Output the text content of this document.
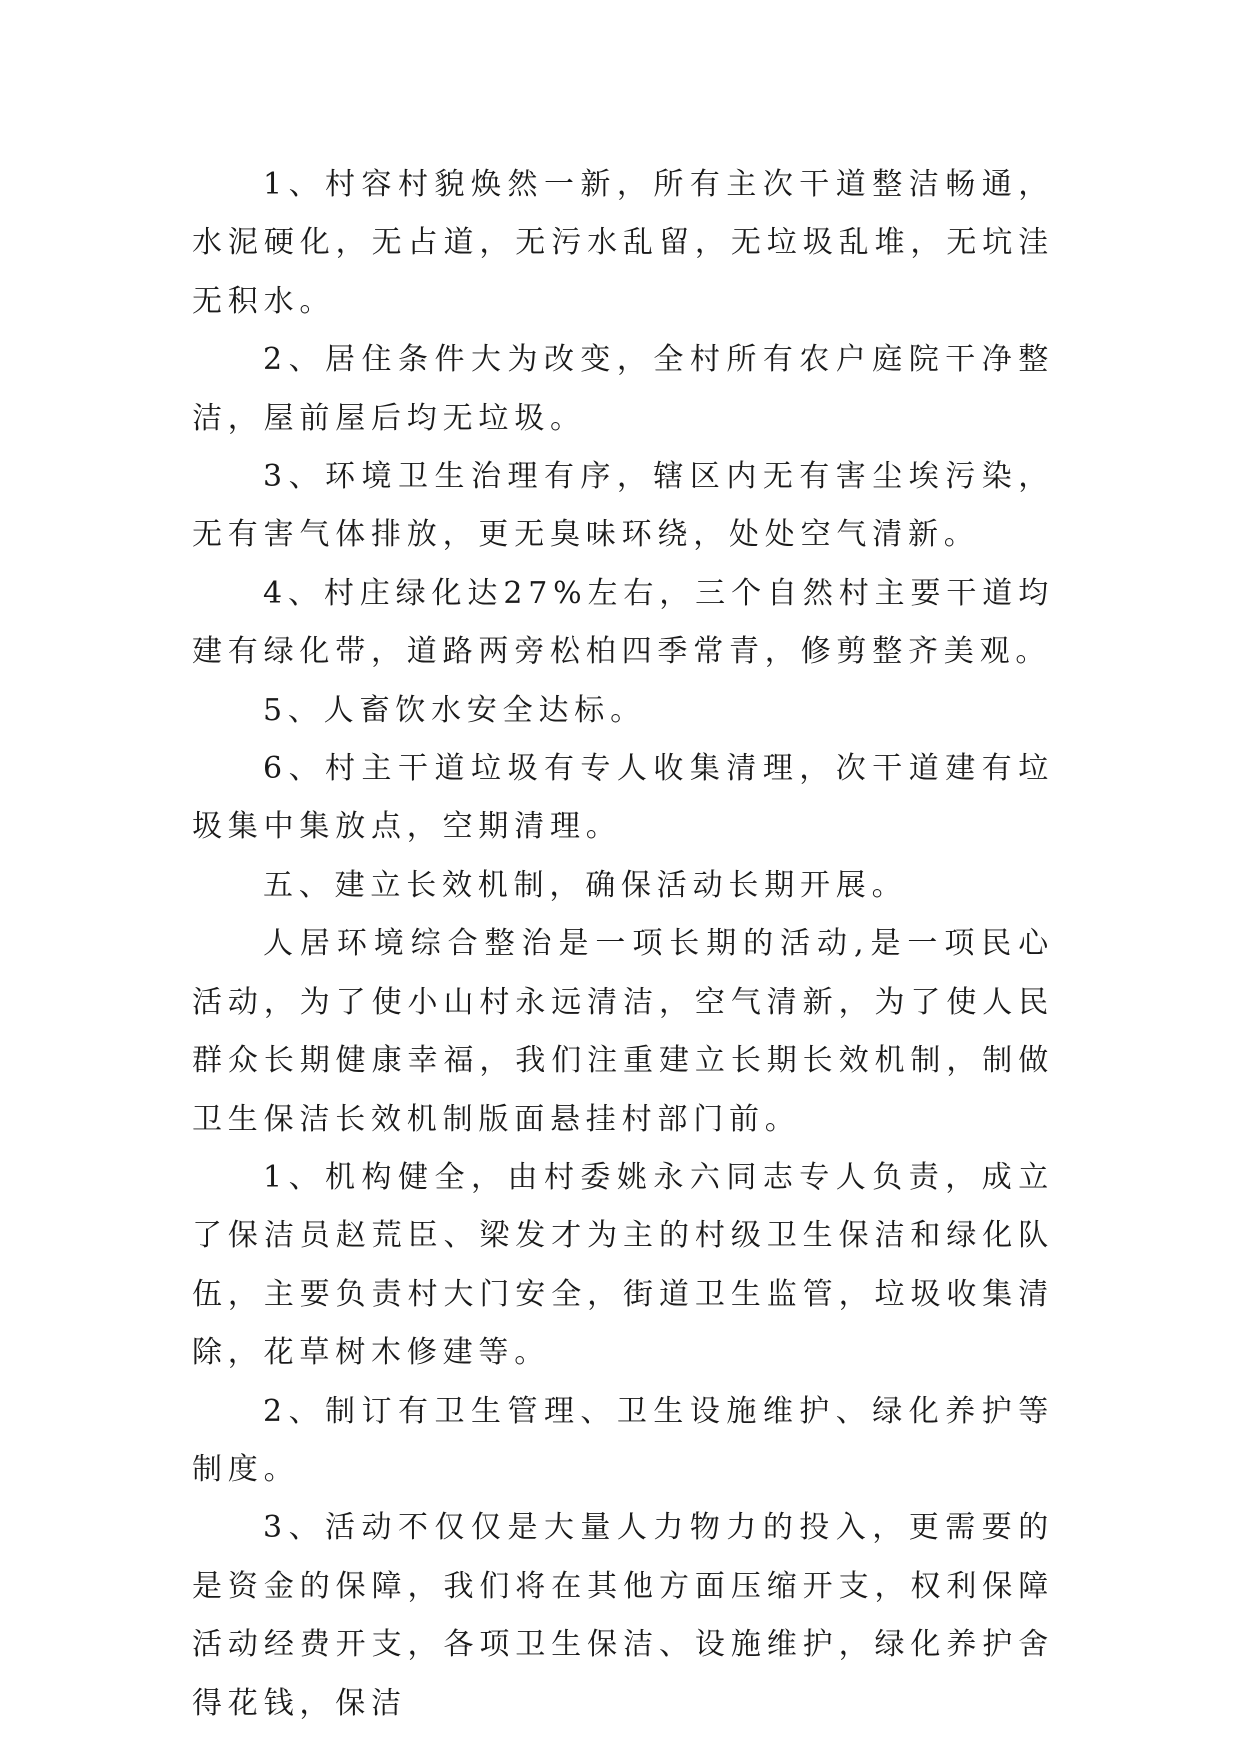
1、村容村貌焕然一新，所有主次干道整洁畅通，水泥硬化，无占道，无污水乱留，无垃圾乱堆，无坑洼无积水。

2、居住条件大为改变，全村所有农户庭院干净整洁，屋前屋后均无垃圾。

3、环境卫生治理有序，辖区内无有害尘埃污染，无有害气体排放，更无臭味环绕，处处空气清新。

4、村庄绿化达27%左右，三个自然村主要干道均建有绿化带，道路两旁松柏四季常青，修剪整齐美观。

5、人畜饮水安全达标。

6、村主干道垃圾有专人收集清理，次干道建有垃圾集中集放点，空期清理。

五、建立长效机制，确保活动长期开展。

人居环境综合整治是一项长期的活动,是一项民心活动，为了使小山村永远清洁，空气清新，为了使人民群众长期健康幸福，我们注重建立长期长效机制，制做卫生保洁长效机制版面悬挂村部门前。

1、机构健全，由村委姚永六同志专人负责，成立了保洁员赵荒臣、梁发才为主的村级卫生保洁和绿化队伍，主要负责村大门安全，街道卫生监管，垃圾收集清除，花草树木修建等。

2、制订有卫生管理、卫生设施维护、绿化养护等制度。

3、活动不仅仅是大量人力物力的投入，更需要的是资金的保障，我们将在其他方面压缩开支，权利保障活动经费开支，各项卫生保洁、设施维护，绿化养护舍得花钱，保洁
